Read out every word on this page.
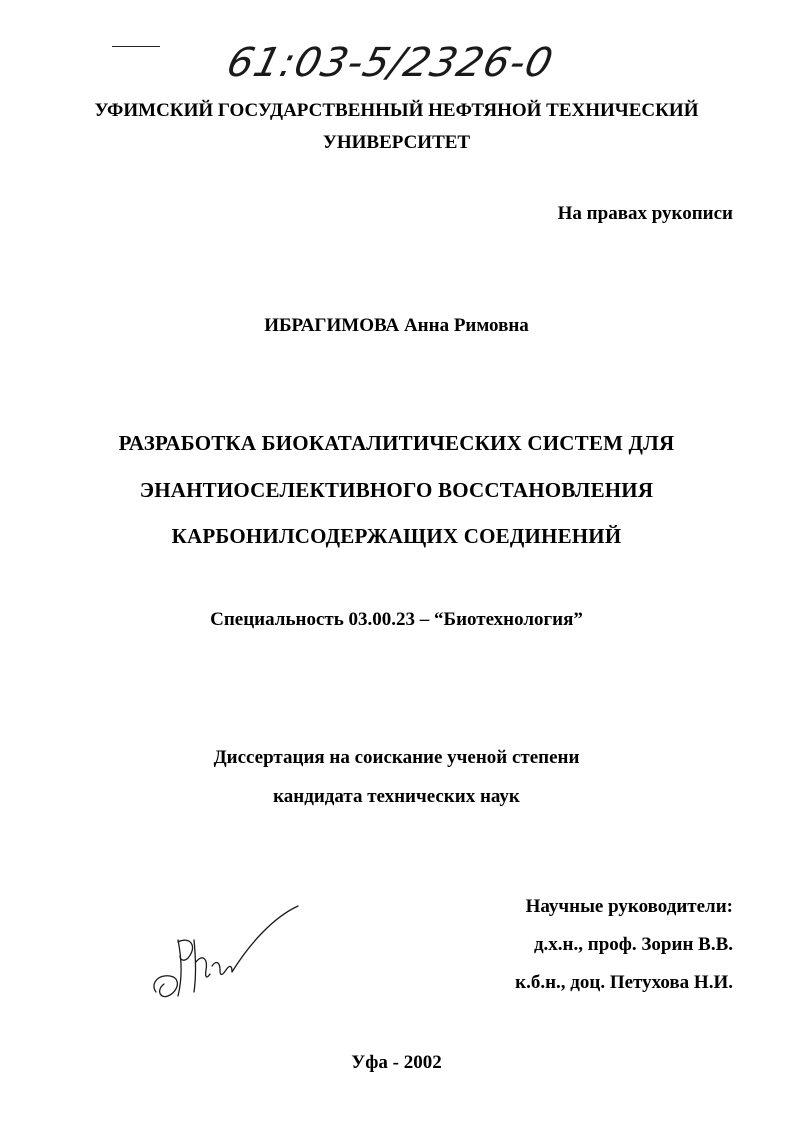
61:03-5/2326-0
УФИМСКИЙ ГОСУДАРСТВЕННЫЙ НЕФТЯНОЙ ТЕХНИЧЕСКИЙ
УНИВЕРСИТЕТ
На правах рукописи
ИБРАГИМОВА Анна Римовна
РАЗРАБОТКА БИОКАТАЛИТИЧЕСКИХ СИСТЕМ ДЛЯ
ЭНАНТИОСЕЛЕКТИВНОГО ВОССТАНОВЛЕНИЯ
КАРБОНИЛСОДЕРЖАЩИХ СОЕДИНЕНИЙ
Специальность 03.00.23 – “Биотехнология”
Диссертация на соискание ученой степени
кандидата технических наук
Научные руководители:
д.х.н., проф. Зорин В.В.
к.б.н., доц. Петухова Н.И.
Уфа - 2002
